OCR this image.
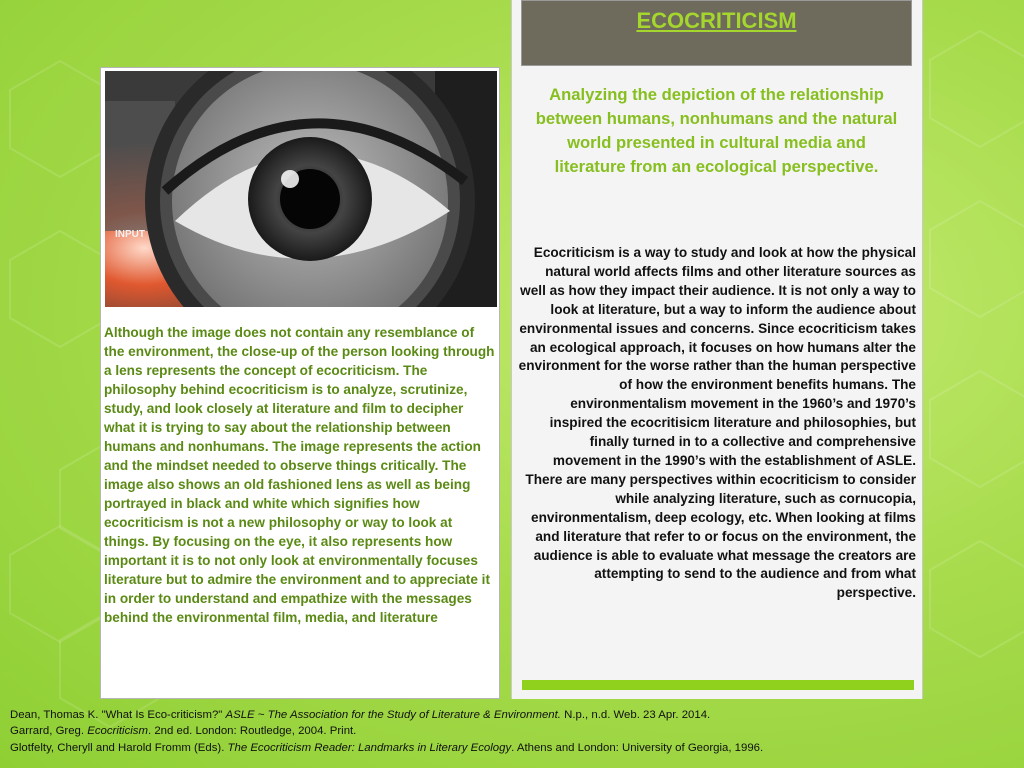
INPUT
Although the image does not contain any resemblance of the environment, the close-up of the person looking through a lens represents the concept of ecocriticism. The philosophy behind ecocriticism is to analyze, scrutinize, study, and look closely at literature and film to decipher what it is trying to say about the relationship between humans and nonhumans. The image represents the action and the mindset needed to observe things critically. The image also shows an old fashioned lens as well as being portrayed in black and white which signifies how ecocriticism is not a new philosophy or way to look at things. By focusing on the eye, it also represents how important it is to not only look at environmentally focuses literature but to admire the environment and to appreciate it in order to understand and empathize with the messages behind the environmental film, media, and literature
ECOCRITICISM
Analyzing the depiction of the relationship between humans, nonhumans and the natural world presented in cultural media and literature from an ecological perspective.
Ecocriticism is a way to study and look at how the physical natural world affects films and other literature sources as well as how they impact their audience. It is not only a way to look at literature, but a way to inform the audience about environmental issues and concerns. Since ecocriticism takes an ecological approach, it focuses on how humans alter the environment for the worse rather than the human perspective of how the environment benefits humans. The environmentalism movement in the 1960’s and 1970’s inspired the ecocritisicm literature and philosophies, but finally turned in to a collective and comprehensive movement in the 1990’s with the establishment of ASLE. There are many perspectives within ecocriticism to consider while analyzing literature, such as cornucopia, environmentalism, deep ecology, etc. When looking at films and literature that refer to or focus on the environment, the audience is able to evaluate what message the creators are attempting to send to the audience and from what perspective.
Dean, Thomas K. "What Is Eco-criticism?" ASLE ~ The Association for the Study of Literature & Environment. N.p., n.d. Web. 23 Apr. 2014.
Garrard, Greg. Ecocriticism. 2nd ed. London: Routledge, 2004. Print.
Glotfelty, Cheryll and Harold Fromm (Eds). The Ecocriticism Reader: Landmarks in Literary Ecology. Athens and London: University of Georgia, 1996.
